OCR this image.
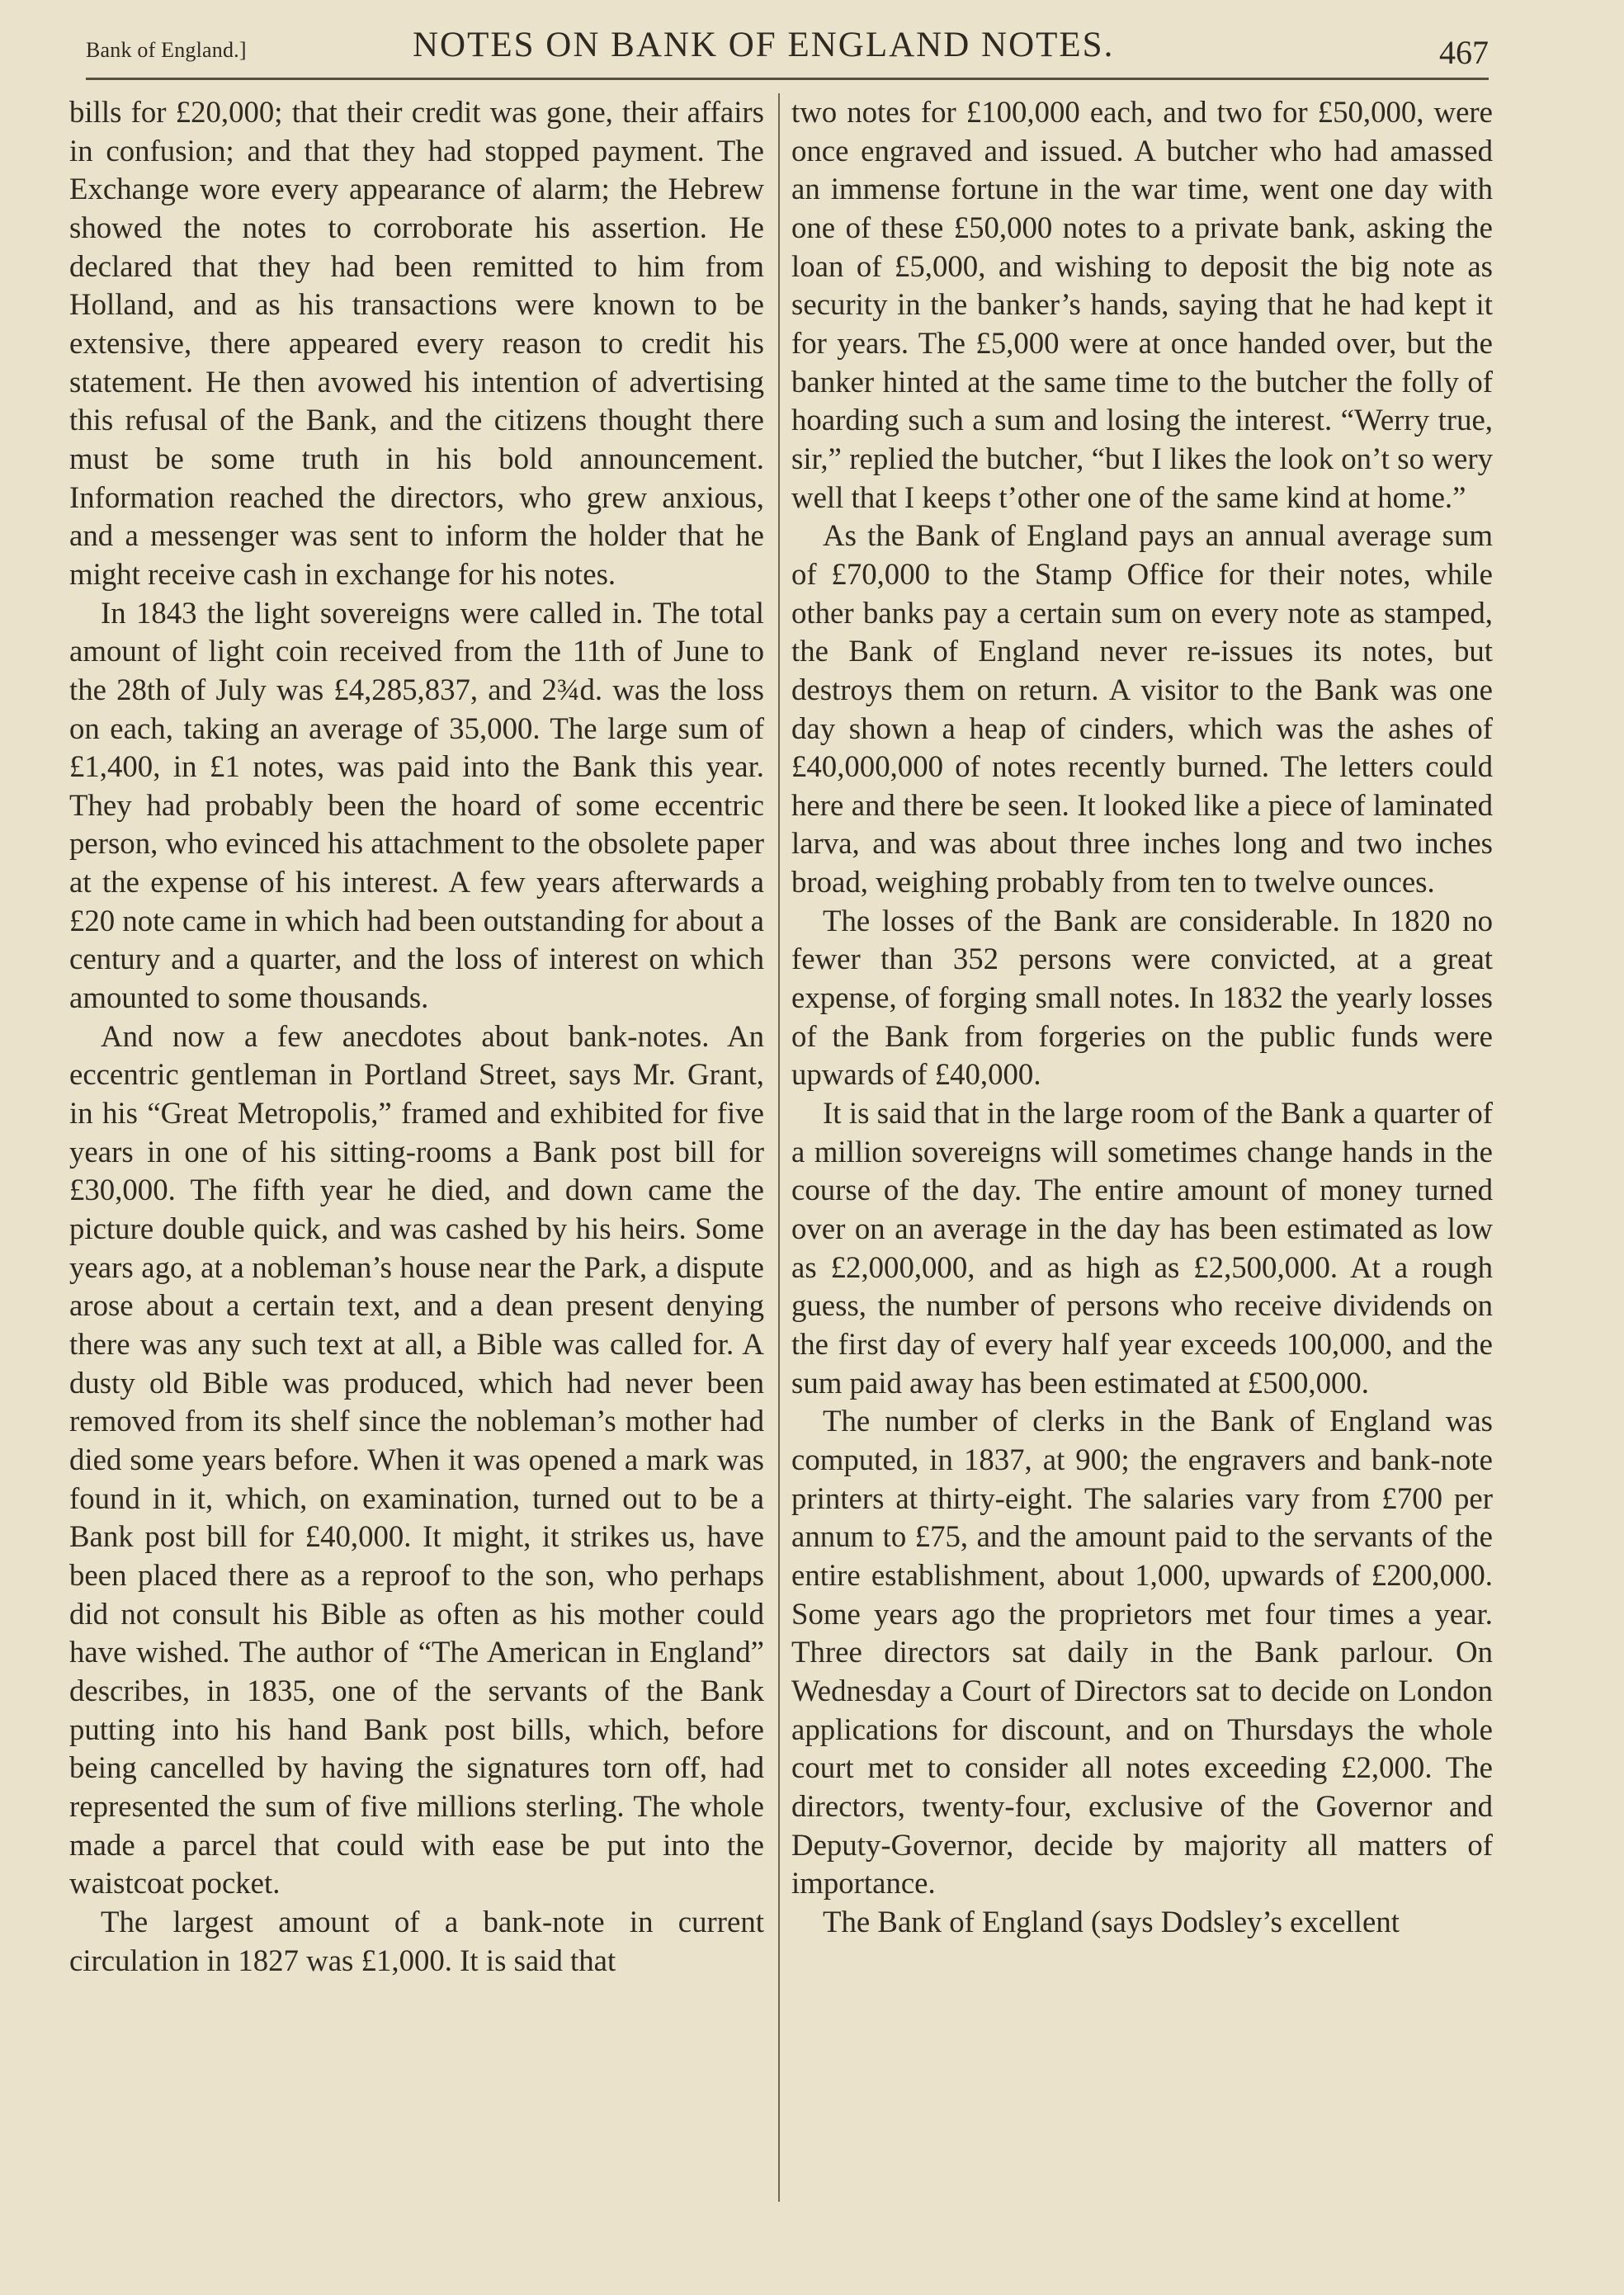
Bank of England.]	NOTES ON BANK OF ENGLAND NOTES.	467

bills for £20,000; that their credit was gone, their affairs in confusion; and that they had stopped payment. The Exchange wore every appearance of alarm; the Hebrew showed the notes to corroborate his assertion. He declared that they had been remitted to him from Holland, and as his transactions were known to be extensive, there appeared every reason to credit his statement. He then avowed his intention of advertising this refusal of the Bank, and the citizens thought there must be some truth in his bold announcement. Information reached the directors, who grew anxious, and a messenger was sent to inform the holder that he might receive cash in exchange for his notes.

In 1843 the light sovereigns were called in. The total amount of light coin received from the 11th of June to the 28th of July was £4,285,837, and 2¾d. was the loss on each, taking an average of 35,000. The large sum of £1,400, in £1 notes, was paid into the Bank this year. They had probably been the hoard of some eccentric person, who evinced his attachment to the obsolete paper at the expense of his interest. A few years afterwards a £20 note came in which had been outstanding for about a century and a quarter, and the loss of interest on which amounted to some thousands.

And now a few anecdotes about bank-notes. An eccentric gentleman in Portland Street, says Mr. Grant, in his “Great Metropolis,” framed and exhibited for five years in one of his sitting-rooms a Bank post bill for £30,000. The fifth year he died, and down came the picture double quick, and was cashed by his heirs. Some years ago, at a nobleman’s house near the Park, a dispute arose about a certain text, and a dean present denying there was any such text at all, a Bible was called for. A dusty old Bible was produced, which had never been removed from its shelf since the nobleman’s mother had died some years before. When it was opened a mark was found in it, which, on examination, turned out to be a Bank post bill for £40,000. It might, it strikes us, have been placed there as a reproof to the son, who perhaps did not consult his Bible as often as his mother could have wished. The author of “The American in England” describes, in 1835, one of the servants of the Bank putting into his hand Bank post bills, which, before being cancelled by having the signatures torn off, had represented the sum of five millions sterling. The whole made a parcel that could with ease be put into the waistcoat pocket.

The largest amount of a bank-note in current circulation in 1827 was £1,000. It is said that

two notes for £100,000 each, and two for £50,000, were once engraved and issued. A butcher who had amassed an immense fortune in the war time, went one day with one of these £50,000 notes to a private bank, asking the loan of £5,000, and wishing to deposit the big note as security in the banker’s hands, saying that he had kept it for years. The £5,000 were at once handed over, but the banker hinted at the same time to the butcher the folly of hoarding such a sum and losing the interest. “Werry true, sir,” replied the butcher, “but I likes the look on’t so wery well that I keeps t’other one of the same kind at home.”

As the Bank of England pays an annual average sum of £70,000 to the Stamp Office for their notes, while other banks pay a certain sum on every note as stamped, the Bank of England never re-issues its notes, but destroys them on return. A visitor to the Bank was one day shown a heap of cinders, which was the ashes of £40,000,000 of notes recently burned. The letters could here and there be seen. It looked like a piece of laminated larva, and was about three inches long and two inches broad, weighing probably from ten to twelve ounces.

The losses of the Bank are considerable. In 1820 no fewer than 352 persons were convicted, at a great expense, of forging small notes. In 1832 the yearly losses of the Bank from forgeries on the public funds were upwards of £40,000.

It is said that in the large room of the Bank a quarter of a million sovereigns will sometimes change hands in the course of the day. The entire amount of money turned over on an average in the day has been estimated as low as £2,000,000, and as high as £2,500,000. At a rough guess, the number of persons who receive dividends on the first day of every half year exceeds 100,000, and the sum paid away has been estimated at £500,000.

The number of clerks in the Bank of England was computed, in 1837, at 900; the engravers and bank-note printers at thirty-eight. The salaries vary from £700 per annum to £75, and the amount paid to the servants of the entire establishment, about 1,000, upwards of £200,000. Some years ago the proprietors met four times a year. Three directors sat daily in the Bank parlour. On Wednesday a Court of Directors sat to decide on London applications for discount, and on Thursdays the whole court met to consider all notes exceeding £2,000. The directors, twenty-four, exclusive of the Governor and Deputy-Governor, decide by majority all matters of importance.

The Bank of England (says Dodsley’s excellent
